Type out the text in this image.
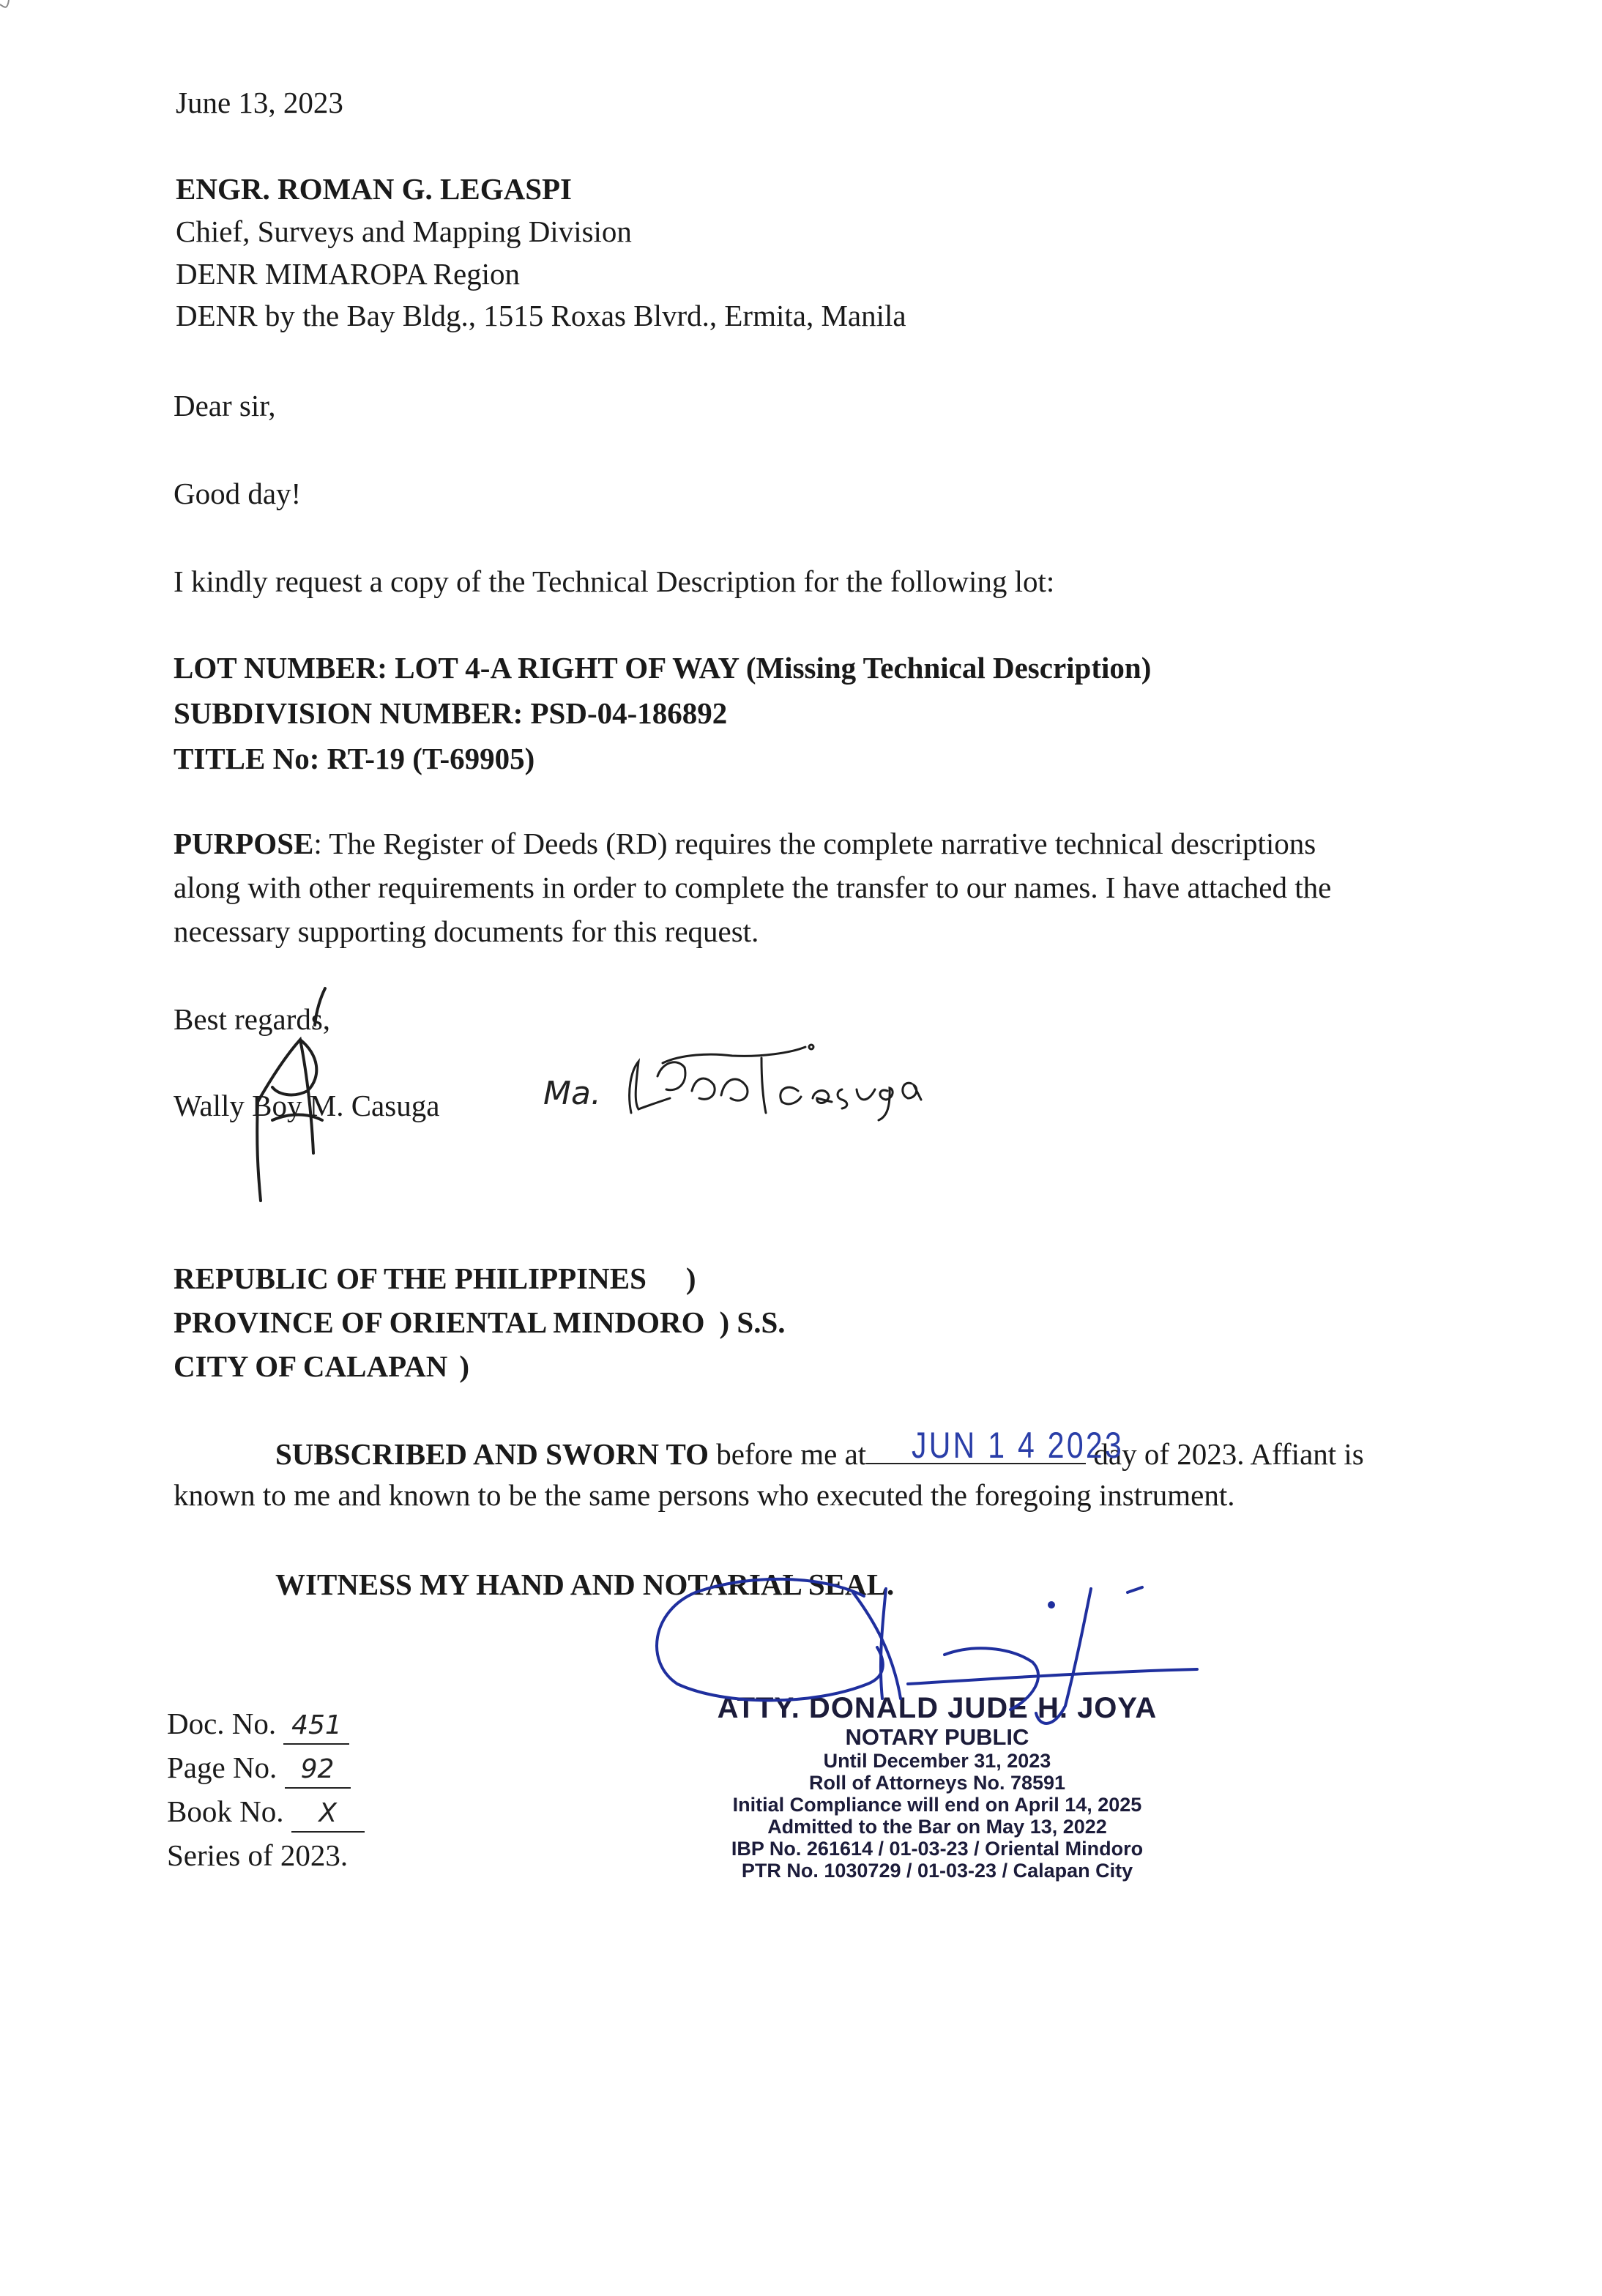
June 13, 2023
ENGR. ROMAN G. LEGASPI
Chief, Surveys and Mapping Division
DENR MIMAROPA Region
DENR by the Bay Bldg., 1515 Roxas Blvrd., Ermita, Manila
Dear sir,
Good day!
I kindly request a copy of the Technical Description for the following lot:
LOT NUMBER: LOT 4-A RIGHT OF WAY (Missing Technical Description)
SUBDIVISION NUMBER: PSD-04-186892
TITLE No: RT-19 (T-69905)
PURPOSE: The Register of Deeds (RD) requires the complete narrative technical descriptions
along with other requirements in order to complete the transfer to our names. I have attached the
necessary supporting documents for this request.
Best regards,
Wally Boy M. Casuga	Ma.
REPUBLIC OF THE PHILIPPINES )
PROVINCE OF ORIENTAL MINDORO ) S.S.
CITY OF CALAPAN )
SUBSCRIBED AND SWORN TO before me at	day of 2023. Affiant is
JUN 1 4 2023
known to me and known to be the same persons who executed the foregoing instrument.
WITNESS MY HAND AND NOTARIAL SEAL.
Doc. No. 451
Page No. 92
Book No. X
Series of 2023.
ATTY. DONALD JUDE H. JOYA
NOTARY PUBLIC
Until December 31, 2023
Roll of Attorneys No. 78591
Initial Compliance will end on April 14, 2025
Admitted to the Bar on May 13, 2022
IBP No. 261614 / 01-03-23 / Oriental Mindoro
PTR No. 1030729 / 01-03-23 / Calapan City
